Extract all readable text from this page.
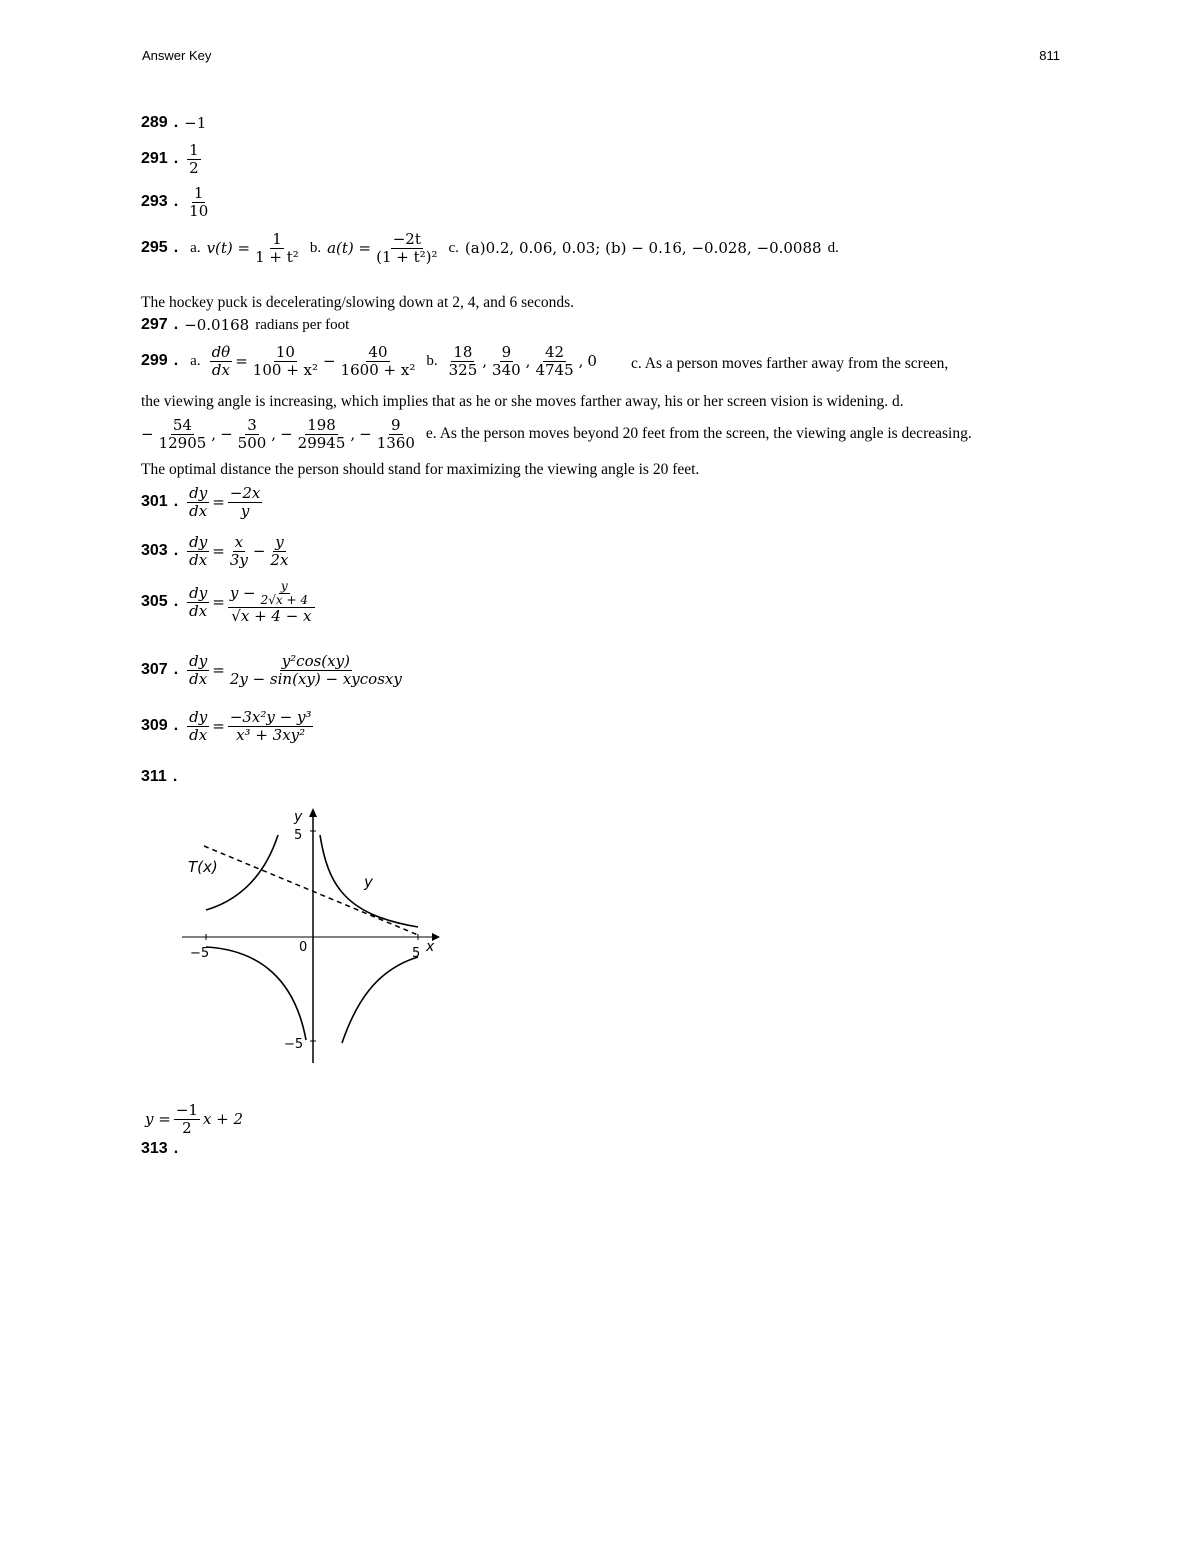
Answer Key	811
289 . −1
291 . $\frac{1}{2}$
293 . $\frac{1}{10}$
295 . a. $v(t) = \frac{1}{\text{1 + t²}} b$. $a(t) = \frac{-2t}{\text{(1 + t²)²}} c$. (a)0.2, 0.06, 0.03; (b) − 0.16, −0.028, −0.0088 d.
The hockey puck is decelerating/slowing down at 2, 4, and 6 seconds.
297 . −0.0168 radians per foot
299 . a. $\frac{d\theta}{dx} = \frac{10}{\text{100 + x²}} - \frac{40}{\text{1600 + x²}} b$. $\frac{18}{325}$ , $\frac{9}{340}$ , $\frac{42}{4745}$ , 0 c. As a person moves farther away from the screen,
the viewing angle is increasing, which implies that as he or she moves farther away, his or her screen vision is widening. d.
− $\frac{54}{12905}$ , − $\frac{3}{500}$ , − $\frac{198}{29945}$ , − $\frac{9}{1360} e$. As the person moves beyond 20 feet from the screen, the viewing angle is decreasing.
The optimal distance the person should stand for maximizing the viewing angle is 20 feet.
301 . $\frac{dy}{dx} = \frac{-2x}{y}$
303 . $\frac{dy}{dx} = \frac{x}{3y} - \frac{y}{2x}$
305 . $\frac{dy}{dx} = \frac{y - \frac{y}{2√x + 4}}{√x + 4 - x}$
307 . $\frac{dy}{dx} = \frac{\text{y²cos(xy)}}{\text{2y − sin(xy) − xycosxy}}$
309 . $\frac{dy}{dx} = \frac{\text{−3x²y − y³}}{\text{x³ + 3xy²}}$
311 .
y
x
5
−5
−5	5
0
T(x)
y
$y = \frac{-1}{2}$ x + 2
313 .
